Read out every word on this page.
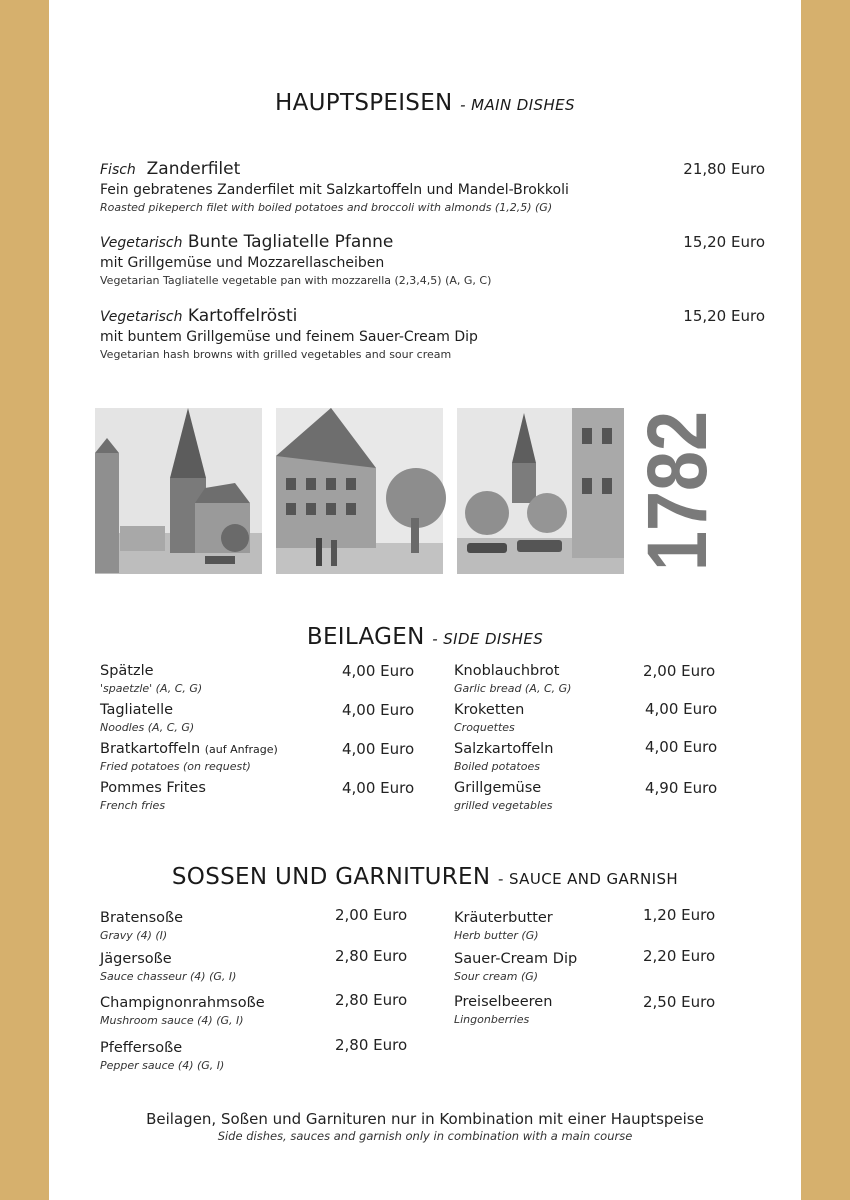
HAUPTSPEISEN - MAIN DISHES
Fisch Zanderfilet
Fein gebratenes Zanderfilet mit Salzkartoffeln und Mandel-Brokkoli
Roasted pikeperch filet with boiled potatoes and broccoli with almonds (1,2,5) (G)
21,80 Euro
Vegetarisch Bunte Tagliatelle Pfanne
mit Grillgemüse und Mozzarellascheiben
Vegetarian Tagliatelle vegetable pan with mozzarella (2,3,4,5) (A, G, C)
15,20 Euro
Vegetarisch Kartoffelrösti
mit buntem Grillgemüse und feinem Sauer-Cream Dip
Vegetarian hash browns with grilled vegetables and sour cream
15,20 Euro
1782
BEILAGEN - SIDE DISHES
Spätzle
'spaetzle' (A, C, G)
4,00 Euro
Tagliatelle
Noodles (A, C, G)
4,00 Euro
Bratkartoffeln (auf Anfrage)
Fried potatoes (on request)
4,00 Euro
Pommes Frites
French fries
4,00 Euro
Knoblauchbrot
Garlic bread (A, C, G)
2,00 Euro
Kroketten
Croquettes
4,00 Euro
Salzkartoffeln
Boiled potatoes
4,00 Euro
Grillgemüse
grilled vegetables
4,90 Euro
SOSSEN UND GARNITUREN - SAUCE AND GARNISH
Bratensoße
Gravy (4) (I)
2,00 Euro
Jägersoße
Sauce chasseur (4) (G, I)
2,80 Euro
Champignonrahmsoße
Mushroom sauce (4) (G, I)
2,80 Euro
Pfeffersoße
Pepper sauce (4) (G, I)
2,80 Euro
Kräuterbutter
Herb butter (G)
1,20 Euro
Sauer-Cream Dip
Sour cream (G)
2,20 Euro
Preiselbeeren
Lingonberries
2,50 Euro
Beilagen, Soßen und Garnituren nur in Kombination mit einer Hauptspeise
Side dishes, sauces and garnish only in combination with a main course
